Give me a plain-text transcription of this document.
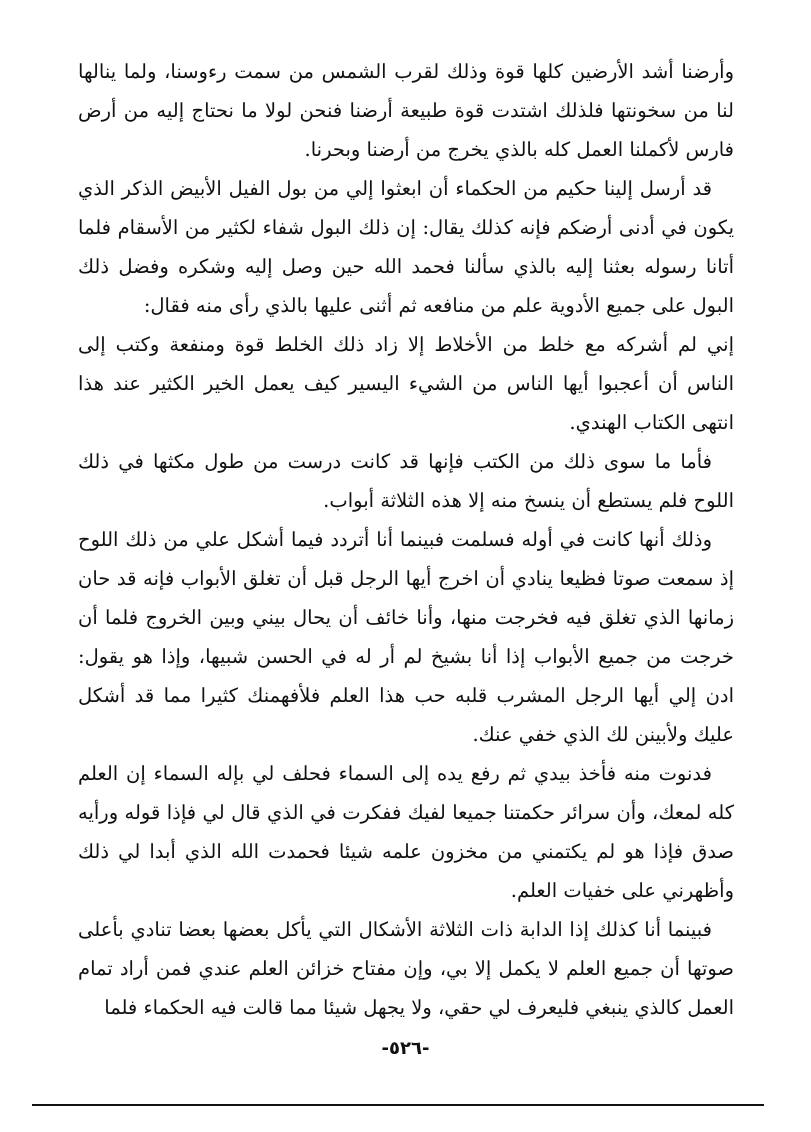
وأرضنا أشد الأرضين كلها قوة وذلك لقرب الشمس من سمت رءوسنا، ولما ينالها لنا من سخونتها فلذلك اشتدت قوة طبيعة أرضنا فنحن لولا ما نحتاج إليه من أرض فارس لأكملنا العمل كله بالذي يخرج من أرضنا وبحرنا.

قد أرسل إلينا حكيم من الحكماء أن ابعثوا إلي من بول الفيل الأبيض الذكر الذي يكون في أدنى أرضكم فإنه كذلك يقال: إن ذلك البول شفاء لكثير من الأسقام فلما أتانا رسوله بعثنا إليه بالذي سألنا فحمد الله حين وصل إليه وشكره وفضل ذلك البول على جميع الأدوية علم من منافعه ثم أثنى عليها بالذي رأى منه فقال:

إني لم أشركه مع خلط من الأخلاط إلا زاد ذلك الخلط قوة ومنفعة وكتب إلى الناس أن أعجبوا أيها الناس من الشيء اليسير كيف يعمل الخير الكثير عند هذا انتهى الكتاب الهندي.

فأما ما سوى ذلك من الكتب فإنها قد كانت درست من طول مكثها في ذلك اللوح فلم يستطع أن ينسخ منه إلا هذه الثلاثة أبواب.

وذلك أنها كانت في أوله فسلمت فبينما أنا أتردد فيما أشكل علي من ذلك اللوح إذ سمعت صوتا فظيعا ينادي أن اخرج أيها الرجل قبل أن تغلق الأبواب فإنه قد حان زمانها الذي تغلق فيه فخرجت منها، وأنا خائف أن يحال بيني وبين الخروج فلما أن خرجت من جميع الأبواب إذا أنا بشيخ لم أر له في الحسن شبيها، وإذا هو يقول: ادن إلي أيها الرجل المشرب قلبه حب هذا العلم فلأفهمنك كثيرا مما قد أشكل عليك ولأبينن لك الذي خفي عنك.

فدنوت منه فأخذ بيدي ثم رفع يده إلى السماء فحلف لي بإله السماء إن العلم كله لمعك، وأن سرائر حكمتنا جميعا لفيك ففكرت في الذي قال لي فإذا قوله ورأيه صدق فإذا هو لم يكتمني من مخزون علمه شيئا فحمدت الله الذي أبدا لي ذلك وأظهرني على خفيات العلم.

فبينما أنا كذلك إذا الدابة ذات الثلاثة الأشكال التي يأكل بعضها بعضا تنادي بأعلى صوتها أن جميع العلم لا يكمل إلا بي، وإن مفتاح خزائن العلم عندي فمن أراد تمام العمل كالذي ينبغي فليعرف لي حقي، ولا يجهل شيئا مما قالت فيه الحكماء فلما

-٥٢٦-
